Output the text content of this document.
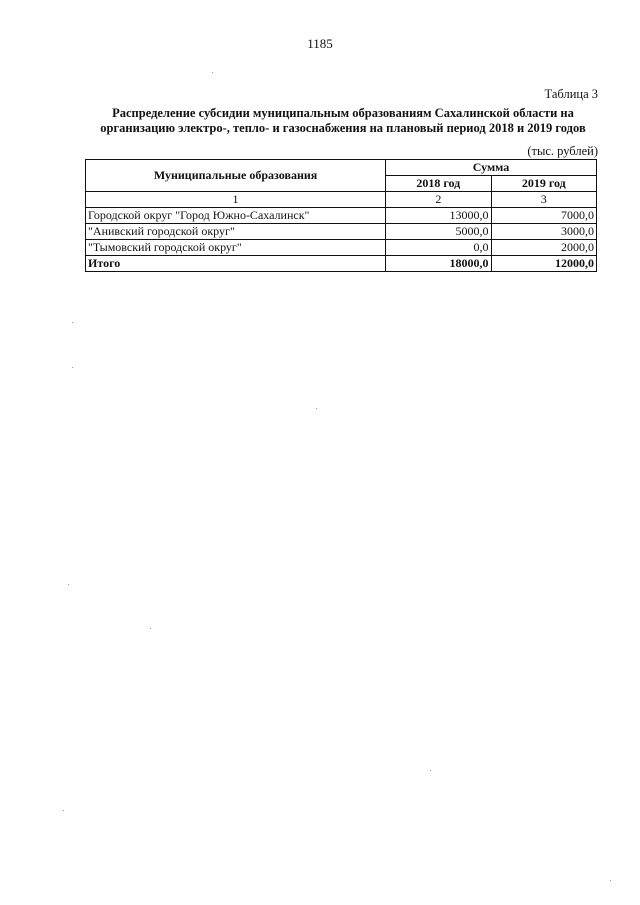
1185
Таблица 3
Распределение субсидии муниципальным образованиям Сахалинской области на
организацию электро-, тепло- и газоснабжения на плановый период 2018 и 2019 годов
(тыс. рублей)
Муниципальные образования	Сумма	
	2018 год	2019 год
1	2	3
Городской округ "Город Южно-Сахалинск"	13000,0	7000,0
"Анивский городской округ"	5000,0	3000,0
"Тымовский городской округ"	0,0	2000,0
Итого	18000,0	12000,0
